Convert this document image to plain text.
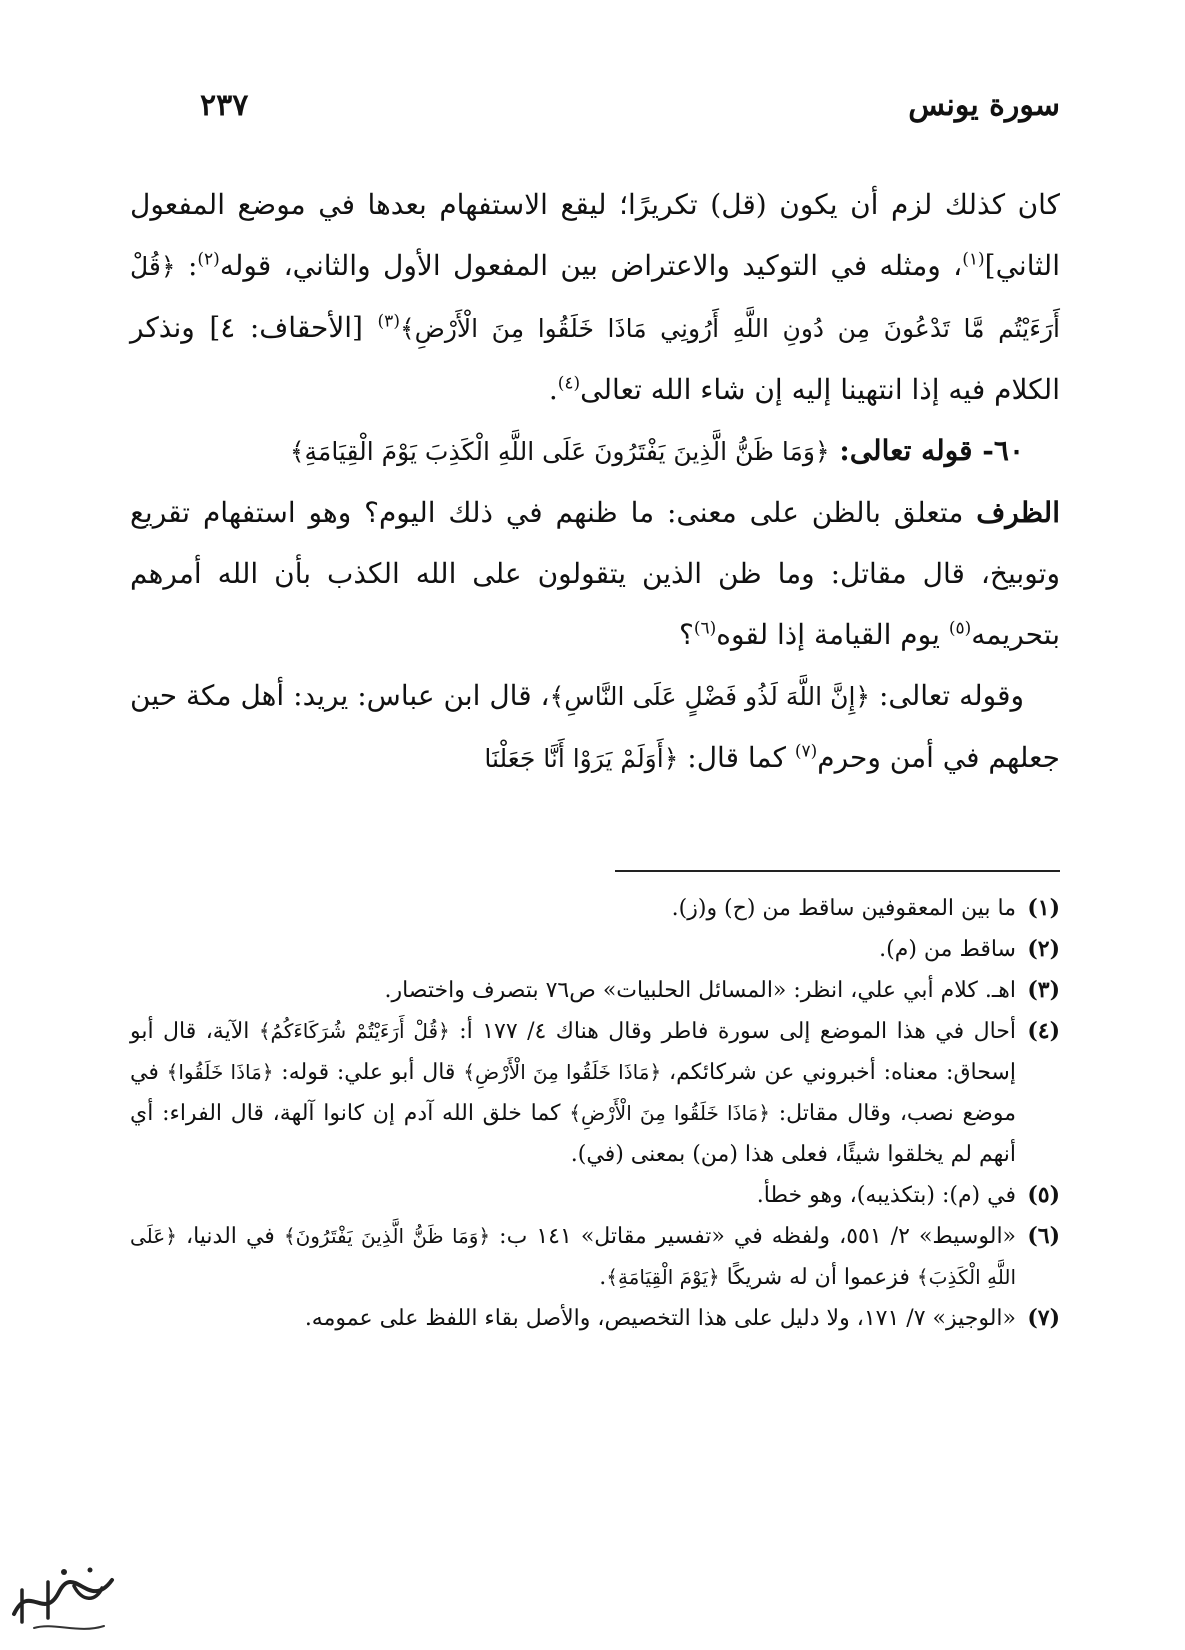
سورة يونس
٢٣٧

كان كذلك لزم أن يكون (قل) تكريرًا؛ ليقع الاستفهام بعدها في موضع المفعول الثاني]$^{(١)}$، ومثله في التوكيد والاعتراض بين المفعول الأول والثاني، قوله$^{(٢)}$: ﴿قُلْ أَرَءَيْتُم مَّا تَدْعُونَ مِن دُونِ اللَّهِ أَرُونِي مَاذَا خَلَقُوا مِنَ الْأَرْضِ﴾$^{(٣)}$ [الأحقاف: ٤] ونذكر الكلام فيه إذا انتهينا إليه إن شاء الله تعالى$^{(٤)}$.

٦٠- قوله تعالى: ﴿وَمَا ظَنُّ الَّذِينَ يَفْتَرُونَ عَلَى اللَّهِ الْكَذِبَ يَوْمَ الْقِيَامَةِ﴾

الظرف متعلق بالظن على معنى: ما ظنهم في ذلك اليوم؟ وهو استفهام تقريع وتوبيخ، قال مقاتل: وما ظن الذين يتقولون على الله الكذب بأن الله أمرهم بتحريمه$^{(٥)}$ يوم القيامة إذا لقوه$^{(٦)}$؟

وقوله تعالى: ﴿إِنَّ اللَّهَ لَذُو فَضْلٍ عَلَى النَّاسِ﴾، قال ابن عباس: يريد: أهل مكة حين جعلهم في أمن وحرم$^{(٧)}$ كما قال: ﴿أَوَلَمْ يَرَوْا أَنَّا جَعَلْنَا

(١)
ما بين المعقوفين ساقط من (ح) و(ز).
(٢)
ساقط من (م).
(٣)
اهـ. كلام أبي علي، انظر: «المسائل الحلبيات» ص٧٦ بتصرف واختصار.
(٤)
أحال في هذا الموضع إلى سورة فاطر وقال هناك ٤/ ١٧٧ أ: ﴿قُلْ أَرَءَيْتُمْ شُرَكَاءَكُمُ﴾ الآية، قال أبو إسحاق: معناه: أخبروني عن شركائكم، ﴿مَاذَا خَلَقُوا مِنَ الْأَرْضِ﴾ قال أبو علي: قوله: ﴿مَاذَا خَلَقُوا﴾ في موضع نصب، وقال مقاتل: ﴿مَاذَا خَلَقُوا مِنَ الْأَرْضِ﴾ كما خلق الله آدم إن كانوا آلهة، قال الفراء: أي أنهم لم يخلقوا شيئًا، فعلى هذا (من) بمعنى (في).
(٥)
في (م): (بتكذيبه)، وهو خطأ.
(٦)
«الوسيط» ٢/ ٥٥١، ولفظه في «تفسير مقاتل» ١٤١ ب: ﴿وَمَا ظَنُّ الَّذِينَ يَفْتَرُونَ﴾ في الدنيا، ﴿عَلَى اللَّهِ الْكَذِبَ﴾ فزعموا أن له شريكًا ﴿يَوْمَ الْقِيَامَةِ﴾.
(٧)
«الوجيز» ٧/ ١٧١، ولا دليل على هذا التخصيص، والأصل بقاء اللفظ على عمومه.
